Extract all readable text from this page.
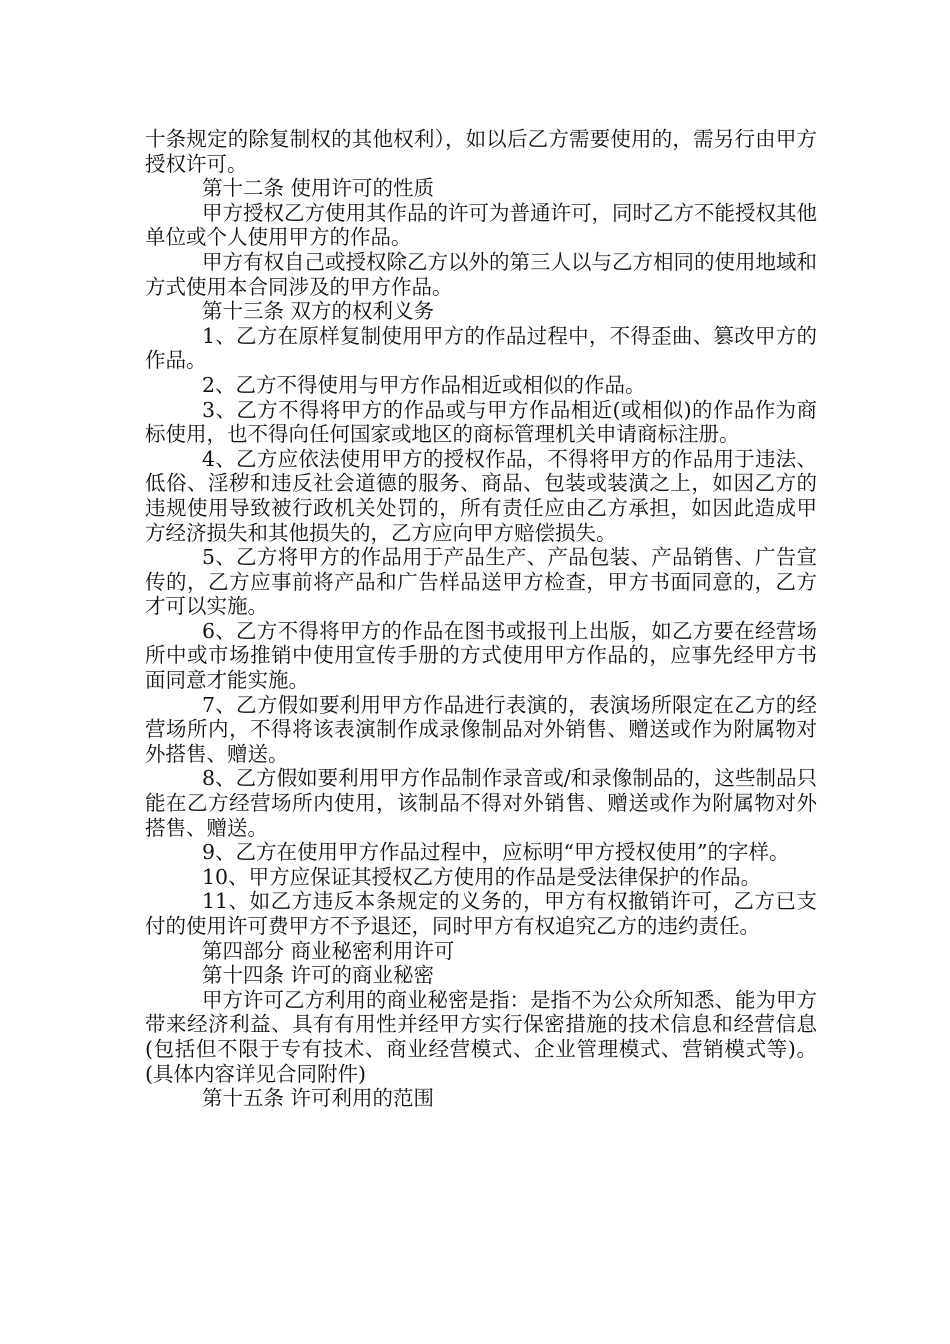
十条规定的除复制权的其他权利），如以后乙方需要使用的，需另行由甲方授权许可。

第十二条 使用许可的性质

甲方授权乙方使用其作品的许可为普通许可，同时乙方不能授权其他单位或个人使用甲方的作品。

甲方有权自己或授权除乙方以外的第三人以与乙方相同的使用地域和方式使用本合同涉及的甲方作品。

第十三条 双方的权利义务

1、乙方在原样复制使用甲方的作品过程中，不得歪曲、篡改甲方的作品。

2、乙方不得使用与甲方作品相近或相似的作品。

3、乙方不得将甲方的作品或与甲方作品相近(或相似)的作品作为商标使用，也不得向任何国家或地区的商标管理机关申请商标注册。

4、乙方应依法使用甲方的授权作品，不得将甲方的作品用于违法、低俗、淫秽和违反社会道德的服务、商品、包装或装潢之上，如因乙方的违规使用导致被行政机关处罚的，所有责任应由乙方承担，如因此造成甲方经济损失和其他损失的，乙方应向甲方赔偿损失。

5、乙方将甲方的作品用于产品生产、产品包装、产品销售、广告宣传的，乙方应事前将产品和广告样品送甲方检查，甲方书面同意的，乙方才可以实施。

6、乙方不得将甲方的作品在图书或报刊上出版，如乙方要在经营场所中或市场推销中使用宣传手册的方式使用甲方作品的，应事先经甲方书面同意才能实施。

7、乙方假如要利用甲方作品进行表演的，表演场所限定在乙方的经营场所内，不得将该表演制作成录像制品对外销售、赠送或作为附属物对外搭售、赠送。

8、乙方假如要利用甲方作品制作录音或/和录像制品的，这些制品只能在乙方经营场所内使用，该制品不得对外销售、赠送或作为附属物对外搭售、赠送。

9、乙方在使用甲方作品过程中，应标明“甲方授权使用”的字样。

10、甲方应保证其授权乙方使用的作品是受法律保护的作品。

11、如乙方违反本条规定的义务的，甲方有权撤销许可，乙方已支付的使用许可费甲方不予退还，同时甲方有权追究乙方的违约责任。

第四部分 商业秘密利用许可

第十四条 许可的商业秘密

甲方许可乙方利用的商业秘密是指：是指不为公众所知悉、能为甲方带来经济利益、具有有用性并经甲方实行保密措施的技术信息和经营信息(包括但不限于专有技术、商业经营模式、企业管理模式、营销模式等)。(具体内容详见合同附件)

第十五条 许可利用的范围
